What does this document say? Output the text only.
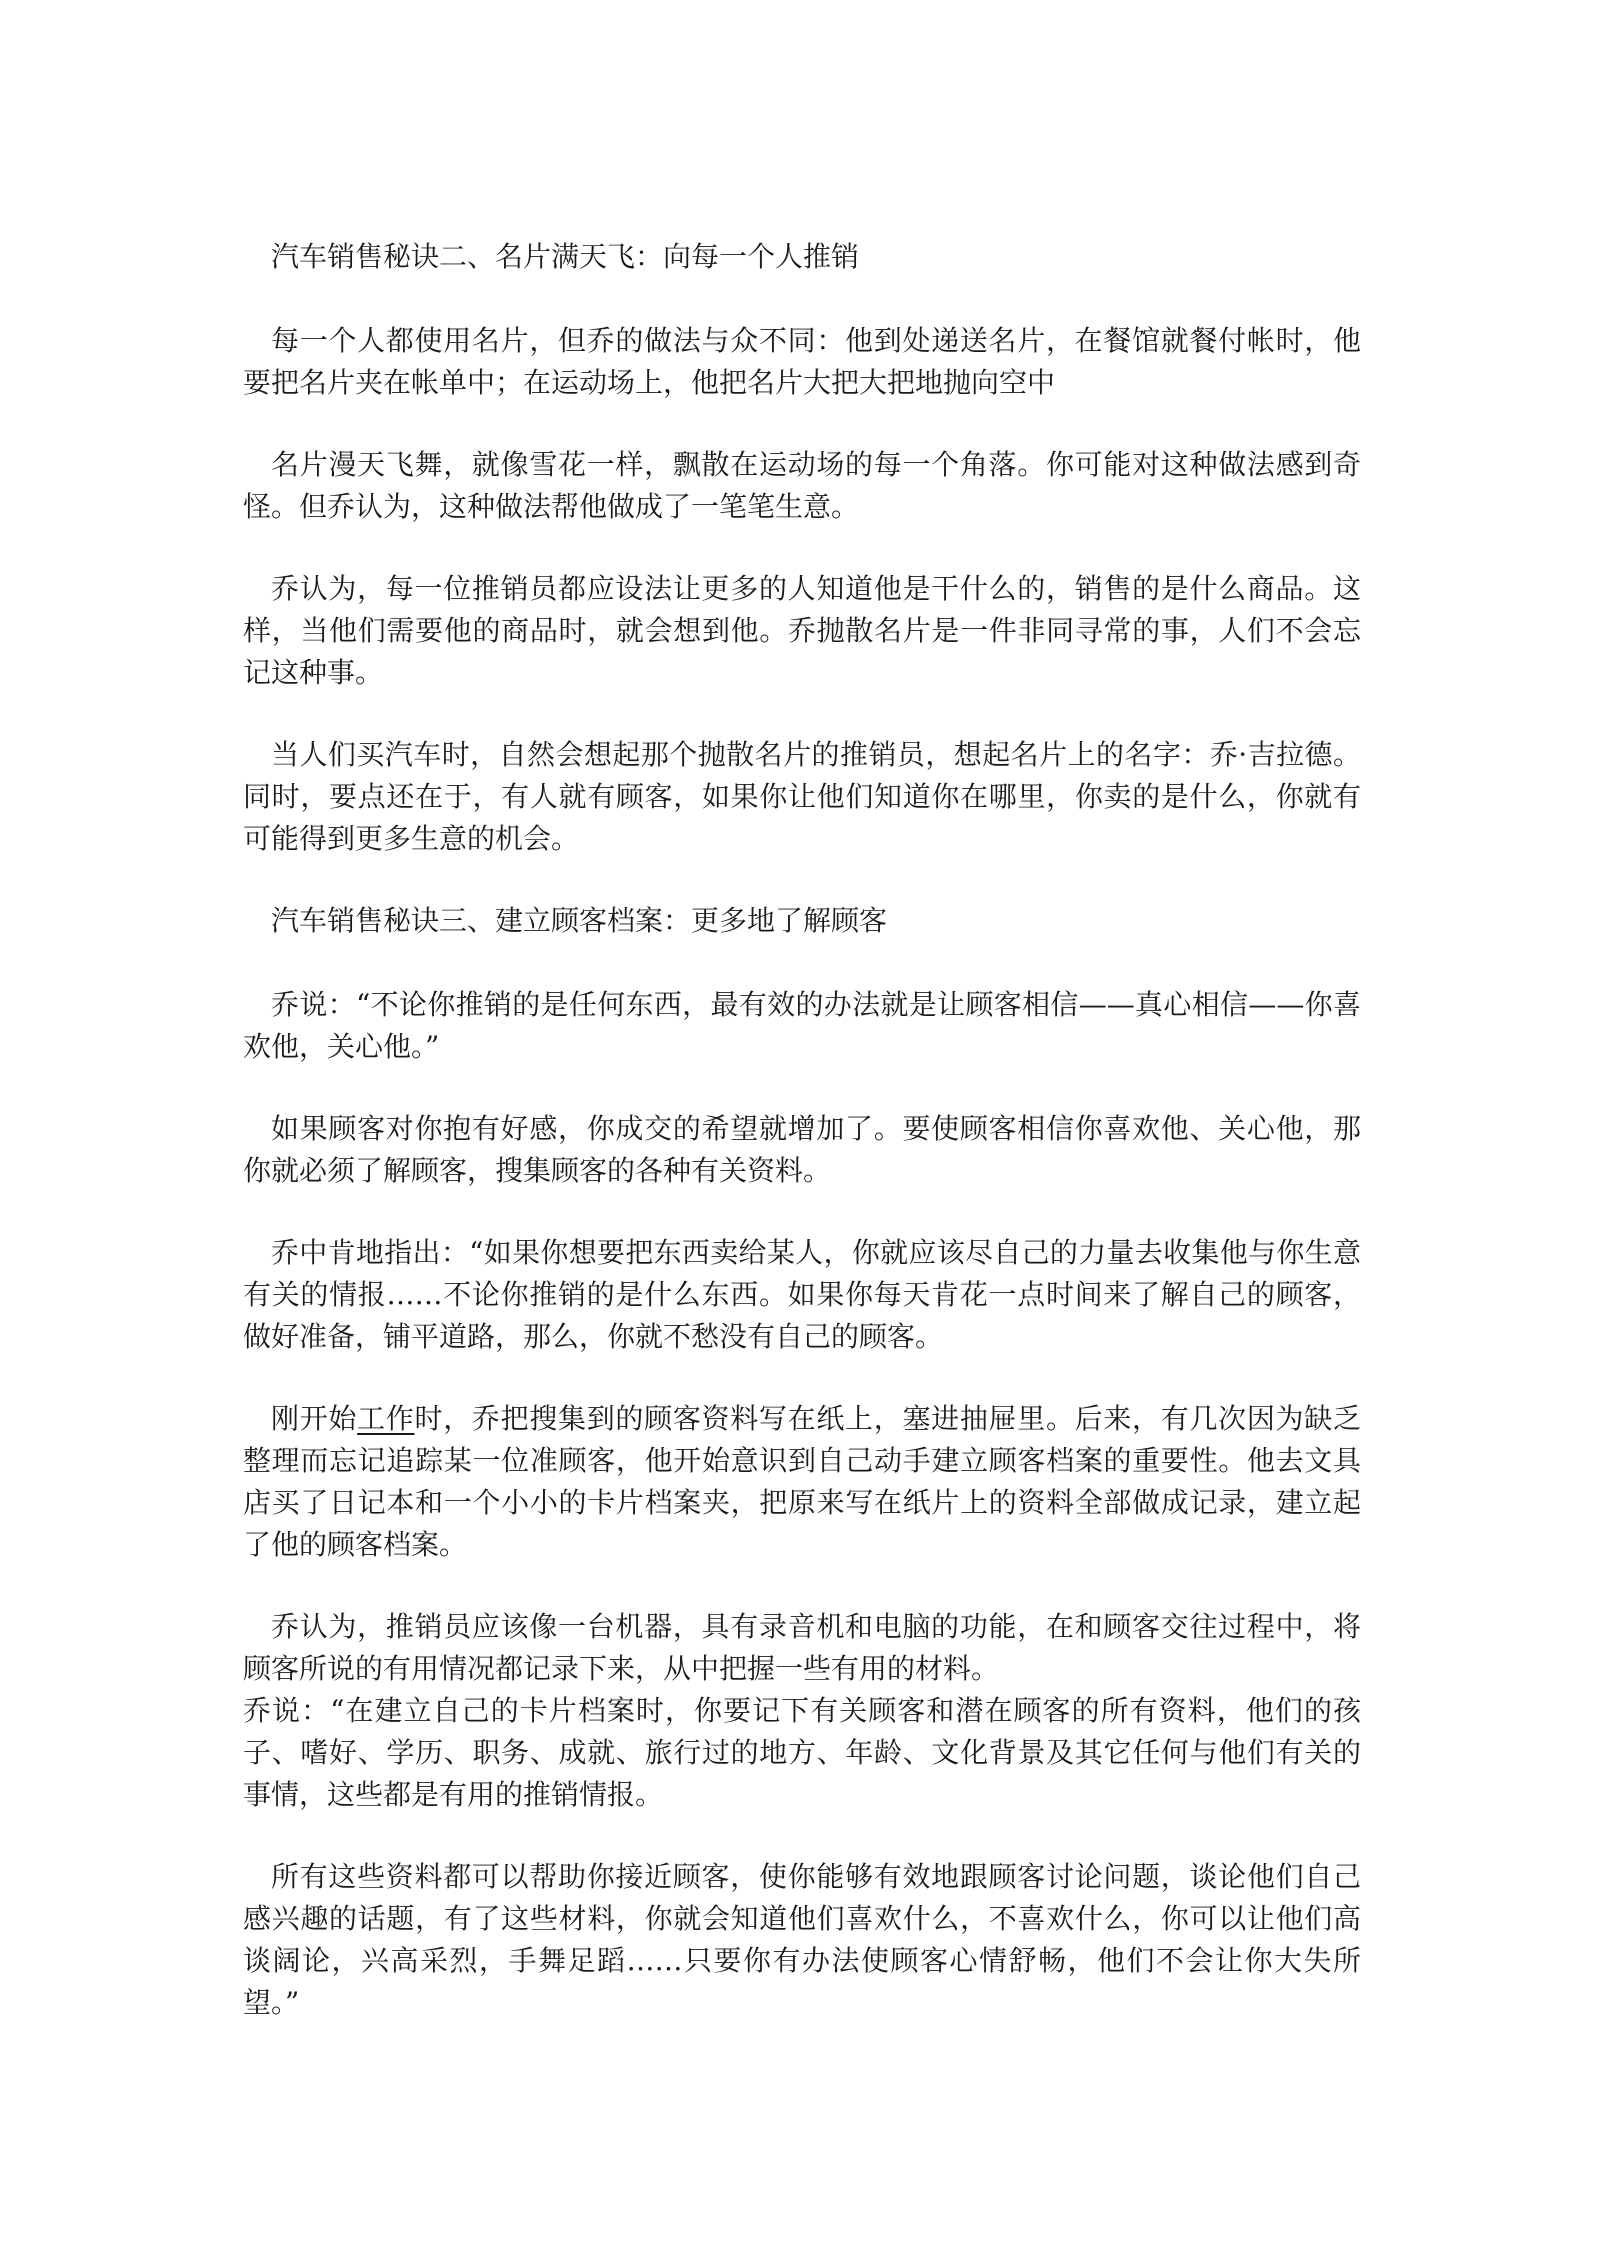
汽车销售秘诀二、名片满天飞：向每一个人推销

每一个人都使用名片，但乔的做法与众不同：他到处递送名片，在餐馆就餐付帐时，他要把名片夹在帐单中；在运动场上，他把名片大把大把地抛向空中

名片漫天飞舞，就像雪花一样，飘散在运动场的每一个角落。你可能对这种做法感到奇怪。但乔认为，这种做法帮他做成了一笔笔生意。

乔认为，每一位推销员都应设法让更多的人知道他是干什么的，销售的是什么商品。这样，当他们需要他的商品时，就会想到他。乔抛散名片是一件非同寻常的事，人们不会忘记这种事。

当人们买汽车时，自然会想起那个抛散名片的推销员，想起名片上的名字：乔·吉拉德。同时，要点还在于，有人就有顾客，如果你让他们知道你在哪里，你卖的是什么，你就有可能得到更多生意的机会。

汽车销售秘诀三、建立顾客档案：更多地了解顾客

乔说：“不论你推销的是任何东西，最有效的办法就是让顾客相信——真心相信——你喜欢他，关心他。”

如果顾客对你抱有好感，你成交的希望就增加了。要使顾客相信你喜欢他、关心他，那你就必须了解顾客，搜集顾客的各种有关资料。

乔中肯地指出：“如果你想要把东西卖给某人，你就应该尽自己的力量去收集他与你生意有关的情报……不论你推销的是什么东西。如果你每天肯花一点时间来了解自己的顾客，做好准备，铺平道路，那么，你就不愁没有自己的顾客。

刚开始工作时，乔把搜集到的顾客资料写在纸上，塞进抽屉里。后来，有几次因为缺乏整理而忘记追踪某一位准顾客，他开始意识到自己动手建立顾客档案的重要性。他去文具店买了日记本和一个小小的卡片档案夹，把原来写在纸片上的资料全部做成记录，建立起了他的顾客档案。

乔认为，推销员应该像一台机器，具有录音机和电脑的功能，在和顾客交往过程中，将顾客所说的有用情况都记录下来，从中把握一些有用的材料。

乔说：“在建立自己的卡片档案时，你要记下有关顾客和潜在顾客的所有资料，他们的孩子、嗜好、学历、职务、成就、旅行过的地方、年龄、文化背景及其它任何与他们有关的事情，这些都是有用的推销情报。

所有这些资料都可以帮助你接近顾客，使你能够有效地跟顾客讨论问题，谈论他们自己感兴趣的话题，有了这些材料，你就会知道他们喜欢什么，不喜欢什么，你可以让他们高谈阔论，兴高采烈，手舞足蹈……只要你有办法使顾客心情舒畅，他们不会让你大失所望。”
